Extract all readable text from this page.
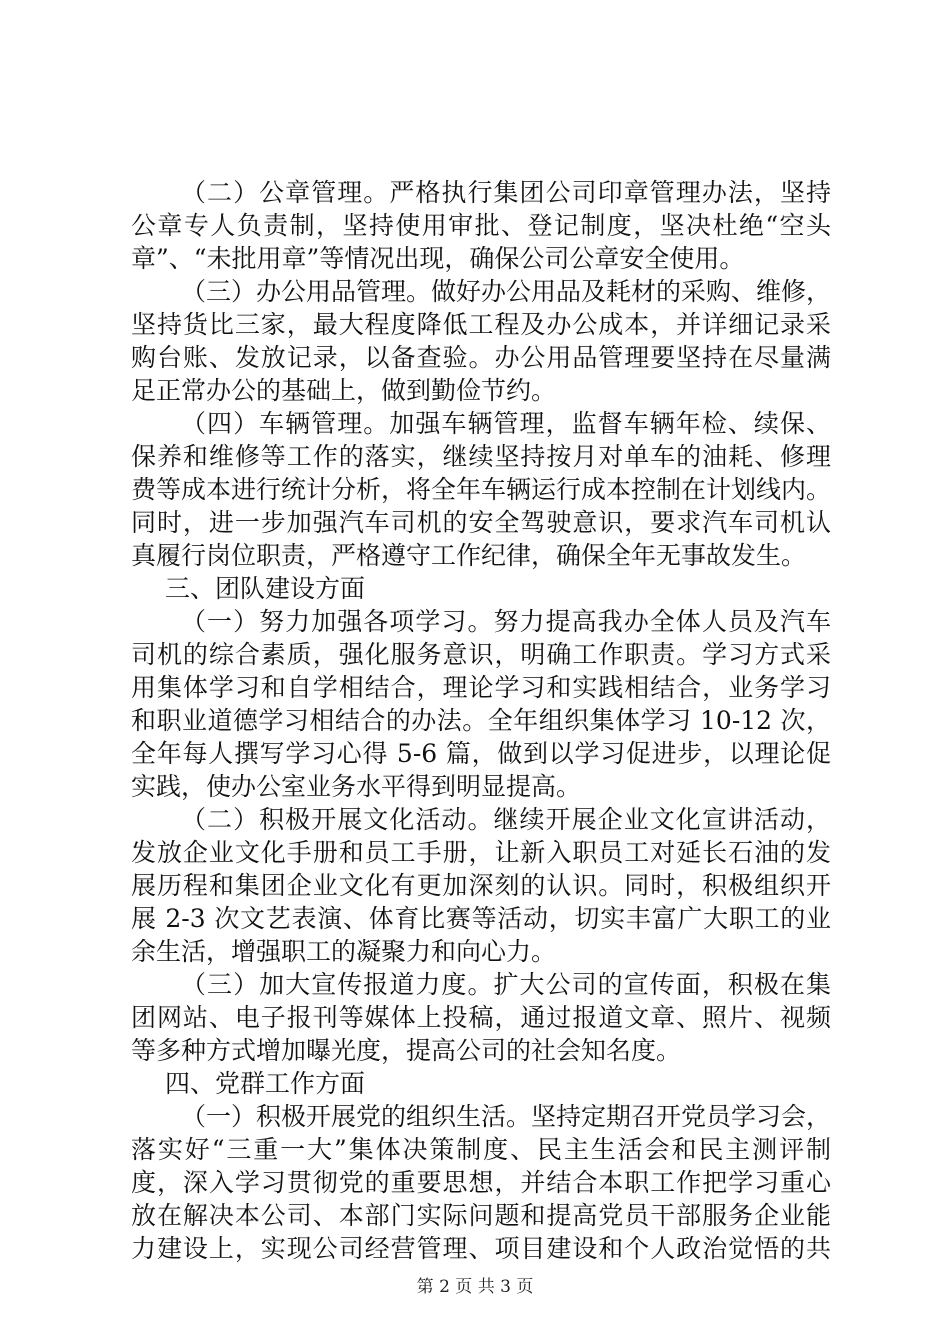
（二）公章管理。严格执行集团公司印章管理办法，坚持
公章专人负责制，坚持使用审批、登记制度，坚决杜绝“空头
章”、“未批用章”等情况出现，确保公司公章安全使用。
（三）办公用品管理。做好办公用品及耗材的采购、维修，
坚持货比三家，最大程度降低工程及办公成本，并详细记录采
购台账、发放记录，以备查验。办公用品管理要坚持在尽量满
足正常办公的基础上，做到勤俭节约。
（四）车辆管理。加强车辆管理，监督车辆年检、续保、
保养和维修等工作的落实，继续坚持按月对单车的油耗、修理
费等成本进行统计分析，将全年车辆运行成本控制在计划线内。
同时，进一步加强汽车司机的安全驾驶意识，要求汽车司机认
真履行岗位职责，严格遵守工作纪律，确保全年无事故发生。
三、团队建设方面
（一）努力加强各项学习。努力提高我办全体人员及汽车
司机的综合素质，强化服务意识，明确工作职责。学习方式采
用集体学习和自学相结合，理论学习和实践相结合，业务学习
和职业道德学习相结合的办法。全年组织集体学习 10-12 次，
全年每人撰写学习心得 5-6 篇，做到以学习促进步，以理论促
实践，使办公室业务水平得到明显提高。
（二）积极开展文化活动。继续开展企业文化宣讲活动，
发放企业文化手册和员工手册，让新入职员工对延长石油的发
展历程和集团企业文化有更加深刻的认识。同时，积极组织开
展 2-3 次文艺表演、体育比赛等活动，切实丰富广大职工的业
余生活，增强职工的凝聚力和向心力。
（三）加大宣传报道力度。扩大公司的宣传面，积极在集
团网站、电子报刊等媒体上投稿，通过报道文章、照片、视频
等多种方式增加曝光度，提高公司的社会知名度。
四、党群工作方面
（一）积极开展党的组织生活。坚持定期召开党员学习会，
落实好“三重一大”集体决策制度、民主生活会和民主测评制
度，深入学习贯彻党的重要思想，并结合本职工作把学习重心
放在解决本公司、本部门实际问题和提高党员干部服务企业能
力建设上，实现公司经营管理、项目建设和个人政治觉悟的共
第 2 页 共 3 页
